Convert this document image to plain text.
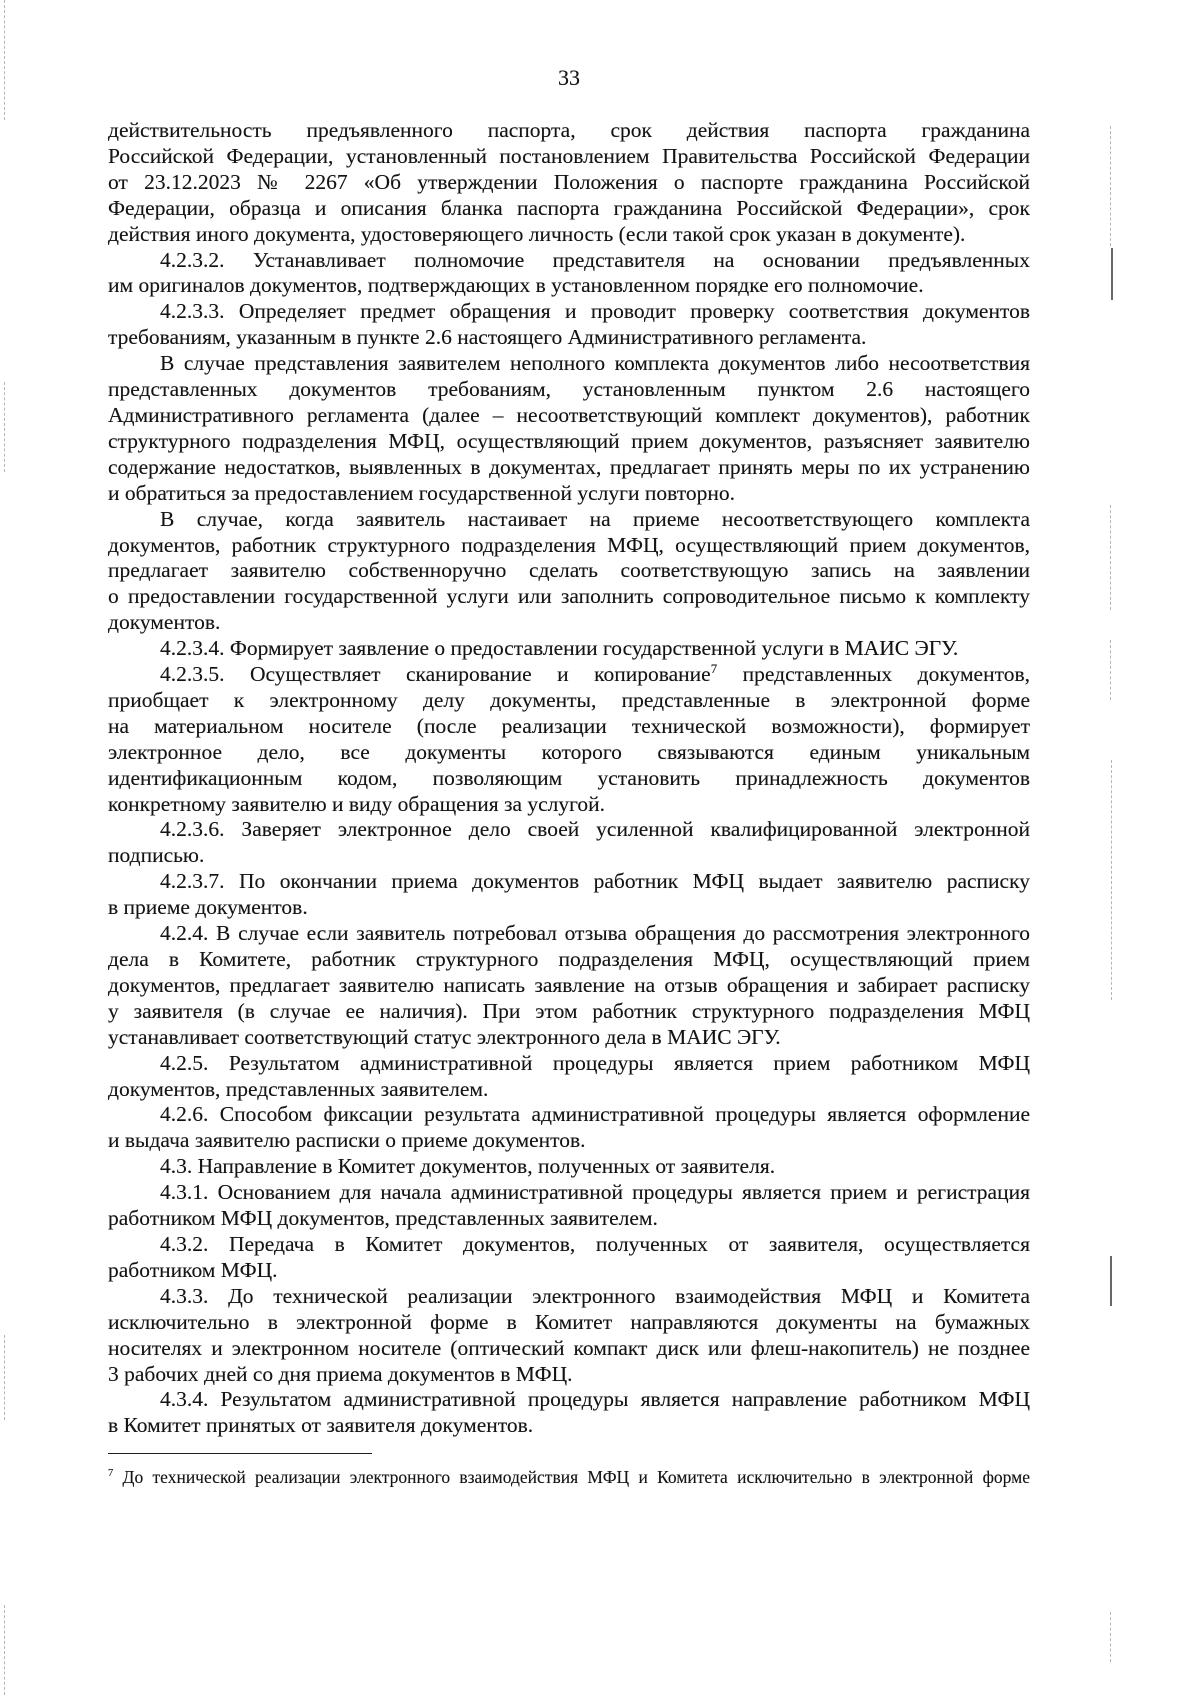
33
действительность предъявленного паспорта, срок действия паспорта гражданина
Российской Федерации, установленный постановлением Правительства Российской Федерации
от 23.12.2023 № 2267 «Об утверждении Положения о паспорте гражданина Российской
Федерации, образца и описания бланка паспорта гражданина Российской Федерации», срок
действия иного документа, удостоверяющего личность (если такой срок указан в документе).
4.2.3.2. Устанавливает полномочие представителя на основании предъявленных
им оригиналов документов, подтверждающих в установленном порядке его полномочие.
4.2.3.3. Определяет предмет обращения и проводит проверку соответствия документов
требованиям, указанным в пункте 2.6 настоящего Административного регламента.
В случае представления заявителем неполного комплекта документов либо несоответствия
представленных документов требованиям, установленным пунктом 2.6 настоящего
Административного регламента (далее – несоответствующий комплект документов), работник
структурного подразделения МФЦ, осуществляющий прием документов, разъясняет заявителю
содержание недостатков, выявленных в документах, предлагает принять меры по их устранению
и обратиться за предоставлением государственной услуги повторно.
В случае, когда заявитель настаивает на приеме несоответствующего комплекта
документов, работник структурного подразделения МФЦ, осуществляющий прием документов,
предлагает заявителю собственноручно сделать соответствующую запись на заявлении
о предоставлении государственной услуги или заполнить сопроводительное письмо к комплекту
документов.
4.2.3.4. Формирует заявление о предоставлении государственной услуги в МАИС ЭГУ.
4.2.3.5. Осуществляет сканирование и копирование$^7$ представленных документов,
приобщает к электронному делу документы, представленные в электронной форме
на материальном носителе (после реализации технической возможности), формирует
электронное дело, все документы которого связываются единым уникальным
идентификационным кодом, позволяющим установить принадлежность документов
конкретному заявителю и виду обращения за услугой.
4.2.3.6. Заверяет электронное дело своей усиленной квалифицированной электронной
подписью.
4.2.3.7. По окончании приема документов работник МФЦ выдает заявителю расписку
в приеме документов.
4.2.4. В случае если заявитель потребовал отзыва обращения до рассмотрения электронного
дела в Комитете, работник структурного подразделения МФЦ, осуществляющий прием
документов, предлагает заявителю написать заявление на отзыв обращения и забирает расписку
у заявителя (в случае ее наличия). При этом работник структурного подразделения МФЦ
устанавливает соответствующий статус электронного дела в МАИС ЭГУ.
4.2.5. Результатом административной процедуры является прием работником МФЦ
документов, представленных заявителем.
4.2.6. Способом фиксации результата административной процедуры является оформление
и выдача заявителю расписки о приеме документов.
4.3. Направление в Комитет документов, полученных от заявителя.
4.3.1. Основанием для начала административной процедуры является прием и регистрация
работником МФЦ документов, представленных заявителем.
4.3.2. Передача в Комитет документов, полученных от заявителя, осуществляется
работником МФЦ.
4.3.3. До технической реализации электронного взаимодействия МФЦ и Комитета
исключительно в электронной форме в Комитет направляются документы на бумажных
носителях и электронном носителе (оптический компакт диск или флеш-накопитель) не позднее
3 рабочих дней со дня приема документов в МФЦ.
4.3.4. Результатом административной процедуры является направление работником МФЦ
в Комитет принятых от заявителя документов.
$^7$ До технической реализации электронного взаимодействия МФЦ и Комитета исключительно в электронной форме
